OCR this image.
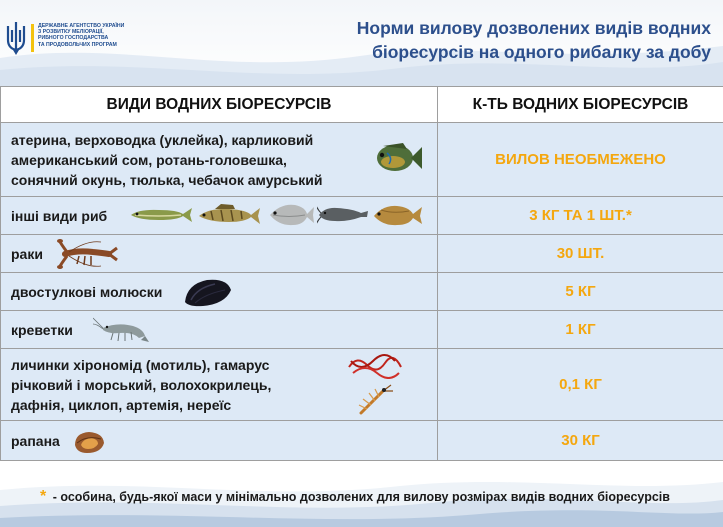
ДЕРЖАВНЕ АГЕНТСТВО УКРАЇНИ
З РОЗВИТКУ МЕЛІОРАЦІЇ,
РИБНОГО ГОСПОДАРСТВА
ТА ПРОДОВОЛЬЧИХ ПРОГРАМ
Норми вилову дозволених видів водних
біоресурсів на одного рибалку за добу
ВИДИ ВОДНИХ БІОРЕСУРСІВ	К-ТЬ ВОДНИХ БІОРЕСУРСІВ

атерина, верховодка (уклейка), карликовий
американський сом, ротань-головешка,
сонячний окунь, тюлька, чебачок амурський	ВИЛОВ НЕОБМЕЖЕНО
інші види риб	3 КГ ТА 1 ШТ.*
раки	30 ШТ.
двостулкові молюски	5 КГ
креветки	1 КГ

личинки хірономід (мотиль), гамарус
річковий і морський, волохокрилець,
дафнія, циклоп, артемія, нереїс	0,1 КГ
рапана	30 КГ
* - особина, будь-якої маси у мінімально дозволених для вилову розмірах видів водних біоресурсів
